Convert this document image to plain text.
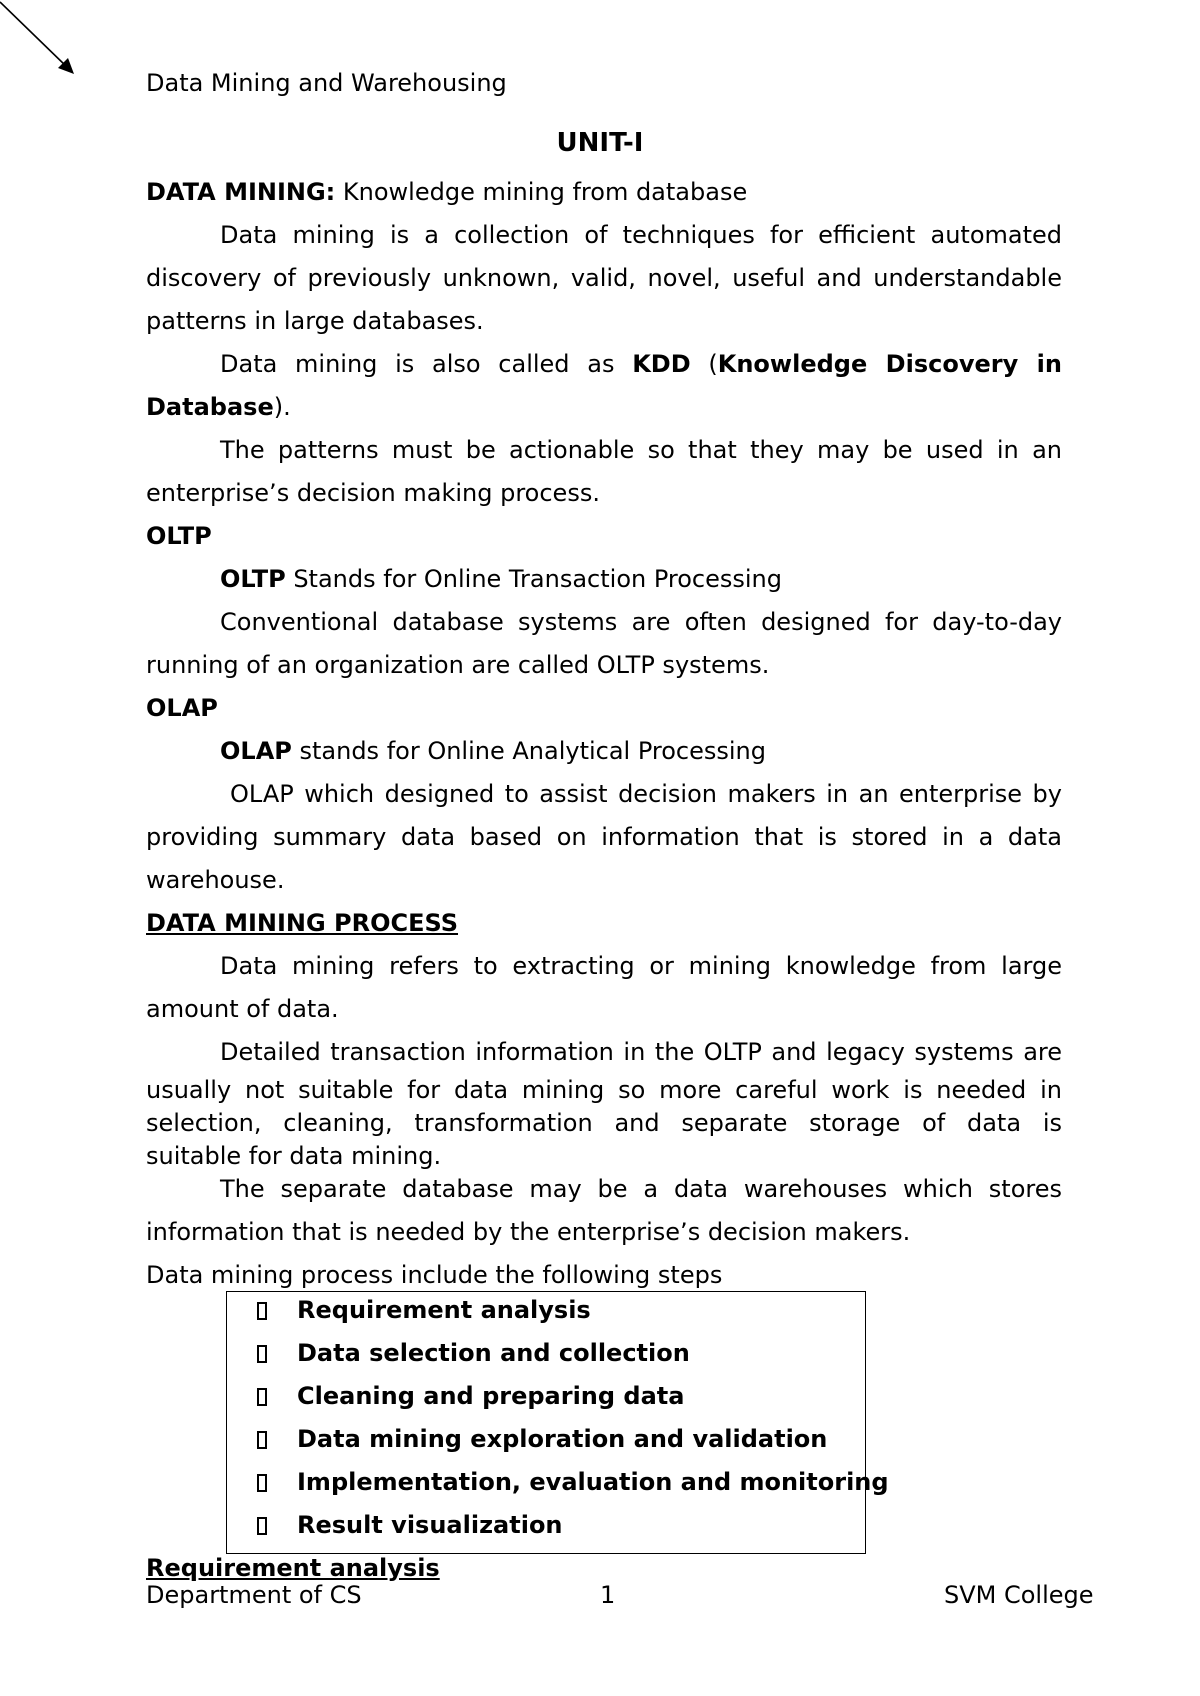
Data Mining and Warehousing
UNIT-I
DATA MINING: Knowledge mining from database
Data mining is a collection of techniques for efficient automated
discovery of previously unknown, valid, novel, useful and understandable
patterns in large databases.
Data mining is also called as KDD (Knowledge Discovery in
Database).
The patterns must be actionable so that they may be used in an
enterprise’s decision making process.
OLTP
OLTP Stands for Online Transaction Processing
Conventional database systems are often designed for day-to-day
running of an organization are called OLTP systems.
OLAP
OLAP stands for Online Analytical Processing
OLAP which designed to assist decision makers in an enterprise by
providing summary data based on information that is stored in a data
warehouse.
DATA MINING PROCESS
Data mining refers to extracting or mining knowledge from large
amount of data.
Detailed transaction information in the OLTP and legacy systems are
usually not suitable for data mining so more careful work is needed in
selection, cleaning, transformation and separate storage of data is
suitable for data mining.
The separate database may be a data warehouses which stores
information that is needed by the enterprise’s decision makers.
Data mining process include the following steps
Requirement analysis
Data selection and collection
Cleaning and preparing data
Data mining exploration and validation
Implementation, evaluation and monitoring
Result visualization
Requirement analysis
Department of CS	1	SVM College
